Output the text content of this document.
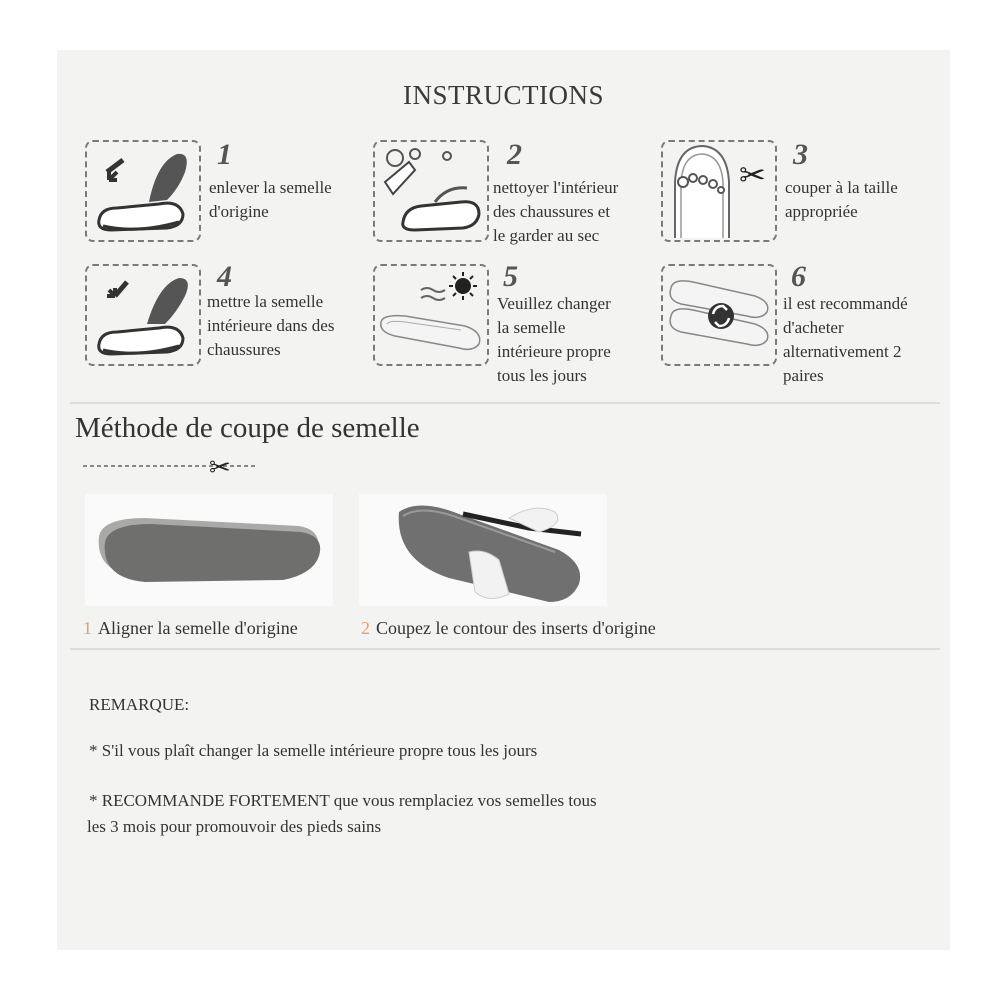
INSTRUCTIONS
1
enlever la semelle
d'origine
2
nettoyer l'intérieur
des chaussures et
le garder au sec
✂
3
couper à la taille
appropriée
4
mettre la semelle
intérieure dans des
chaussures
5
Veuillez changer
la semelle
intérieure propre
tous les jours
6
il est recommandé
d'acheter
alternativement 2
paires
Méthode de coupe de semelle
✂
1 Aligner la semelle d'origine	2 Coupez le contour des inserts d'origine
REMARQUE:
* S'il vous plaît changer la semelle intérieure propre tous les jours
* RECOMMANDE FORTEMENT que vous remplaciez vos semelles tous
les 3 mois pour promouvoir des pieds sains
